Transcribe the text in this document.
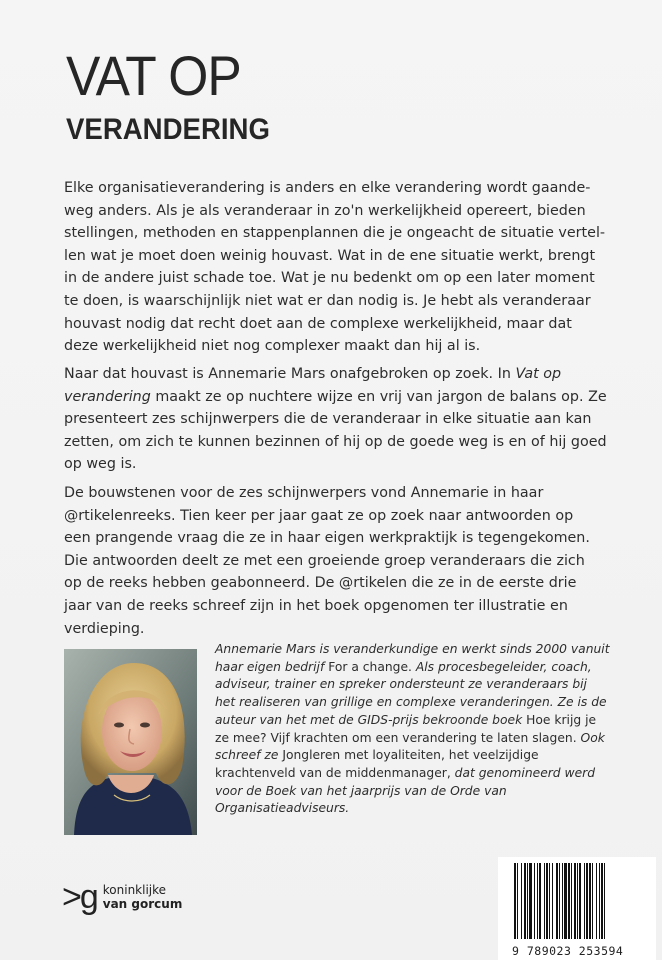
VAT OP
VERANDERING
Elke organisatieverandering is anders en elke verandering wordt gaande-
weg anders. Als je als veranderaar in zo'n werkelijkheid opereert, bieden
stellingen, methoden en stappenplannen die je ongeacht de situatie vertel-
len wat je moet doen weinig houvast. Wat in de ene situatie werkt, brengt
in de andere juist schade toe. Wat je nu bedenkt om op een later moment
te doen, is waarschijnlijk niet wat er dan nodig is. Je hebt als veranderaar
houvast nodig dat recht doet aan de complexe werkelijkheid, maar dat
deze werkelijkheid niet nog complexer maakt dan hij al is.

Naar dat houvast is Annemarie Mars onafgebroken op zoek. In Vat op verandering maakt ze op nuchtere wijze en vrij van jargon de balans op. Ze presenteert zes schijnwerpers die de veranderaar in elke situatie aan kan zetten, om zich te kunnen bezinnen of hij op de goede weg is en of hij goed op weg is.

De bouwstenen voor de zes schijnwerpers vond Annemarie in haar
@rtikelenreeks. Tien keer per jaar gaat ze op zoek naar antwoorden op
een prangende vraag die ze in haar eigen werkpraktijk is tegengekomen.
Die antwoorden deelt ze met een groeiende groep veranderaars die zich
op de reeks hebben geabonneerd. De @rtikelen die ze in de eerste drie
jaar van de reeks schreef zijn in het boek opgenomen ter illustratie en
verdieping.

Annemarie Mars is veranderkundige en werkt sinds 2000 vanuit haar eigen bedrijf For a change. Als procesbegeleider, coach, adviseur, trainer en spreker ondersteunt ze veranderaars bij het realiseren van grillige en complexe veranderingen. Ze is de auteur van het met de GIDS-prijs bekroonde boek Hoe krijg je ze mee? Vijf krachten om een verandering te laten slagen. Ook schreef ze Jongleren met loyaliteiten, het veelzijdige krachtenveld van de middenmanager, dat genomineerd werd voor de Boek van het jaarprijs van de Orde van Organisatieadviseurs.

>g koninklijke
van gorcum
9 789023 253594
